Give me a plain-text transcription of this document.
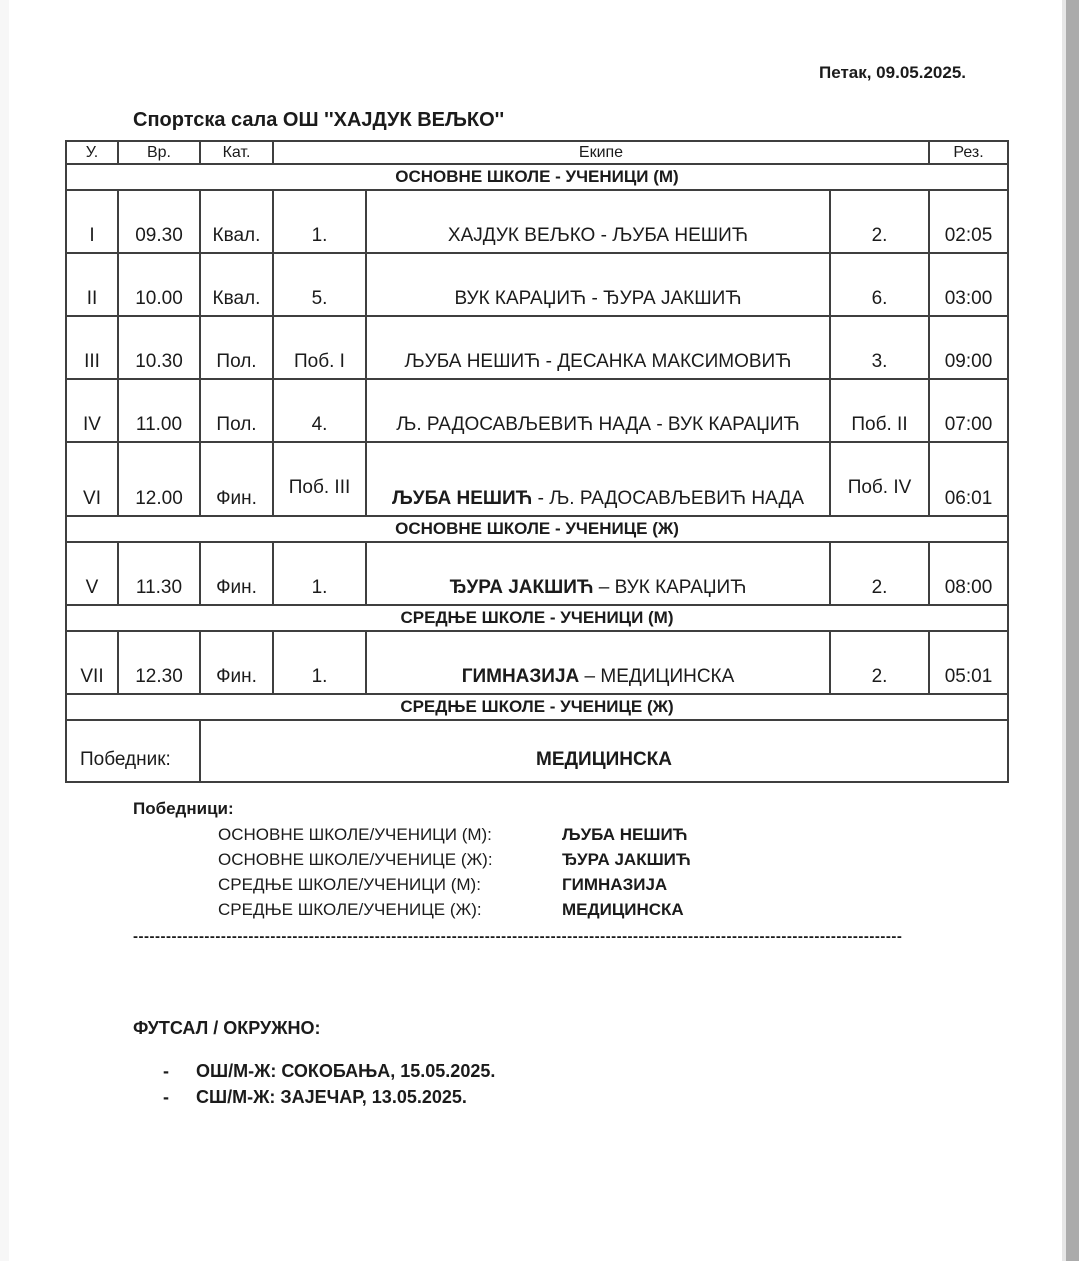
Петак, 09.05.2025.
Спортска сала ОШ ''ХАЈДУК ВЕЉКО''
У.	Вр.	Кат.	Екипе			Рез.
ОСНОВНЕ ШКОЛЕ - УЧЕНИЦИ (М)						
I	09.30	Квал.	1.	ХАЈДУК ВЕЉКО - ЉУБА НЕШИЋ	2.	02:05
II	10.00	Квал.	5.	ВУК КАРАЏИЋ - ЂУРА ЈАКШИЋ	6.	03:00
III	10.30	Пол.	Поб. I	ЉУБА НЕШИЋ - ДЕСАНКА МАКСИМОВИЋ	3.	09:00
IV	11.00	Пол.	4.	Љ. РАДОСАВЉЕВИЋ НАДА - ВУК КАРАЏИЋ	Поб. II	07:00
VI	12.00	Фин.	Поб. III	ЉУБА НЕШИЋ - Љ. РАДОСАВЉЕВИЋ НАДА	Поб. IV	06:01
ОСНОВНЕ ШКОЛЕ - УЧЕНИЦЕ (Ж)						
V	11.30	Фин.	1.	ЂУРА ЈАКШИЋ – ВУК КАРАЏИЋ	2.	08:00
СРЕДЊЕ ШКОЛЕ - УЧЕНИЦИ (М)						
VII	12.30	Фин.	1.	ГИМНАЗИЈА – МЕДИЦИНСКА	2.	05:01
СРЕДЊЕ ШКОЛЕ - УЧЕНИЦЕ (Ж)						
Победник:		МЕДИЦИНСКА				
Победници:
ОСНОВНЕ ШКОЛЕ/УЧЕНИЦИ (М):	ЉУБА НЕШИЋ
ОСНОВНЕ ШКОЛЕ/УЧЕНИЦЕ (Ж):	ЂУРА ЈАКШИЋ
СРЕДЊЕ ШКОЛЕ/УЧЕНИЦИ (М):	ГИМНАЗИЈА
СРЕДЊЕ ШКОЛЕ/УЧЕНИЦЕ (Ж):	МЕДИЦИНСКА
--------------------------------------------------------------------------------------------------------------------------------------------
ФУТСАЛ / ОКРУЖНО:
- ОШ/М-Ж: СОКОБАЊА, 15.05.2025.
- СШ/М-Ж: ЗАЈЕЧАР, 13.05.2025.
